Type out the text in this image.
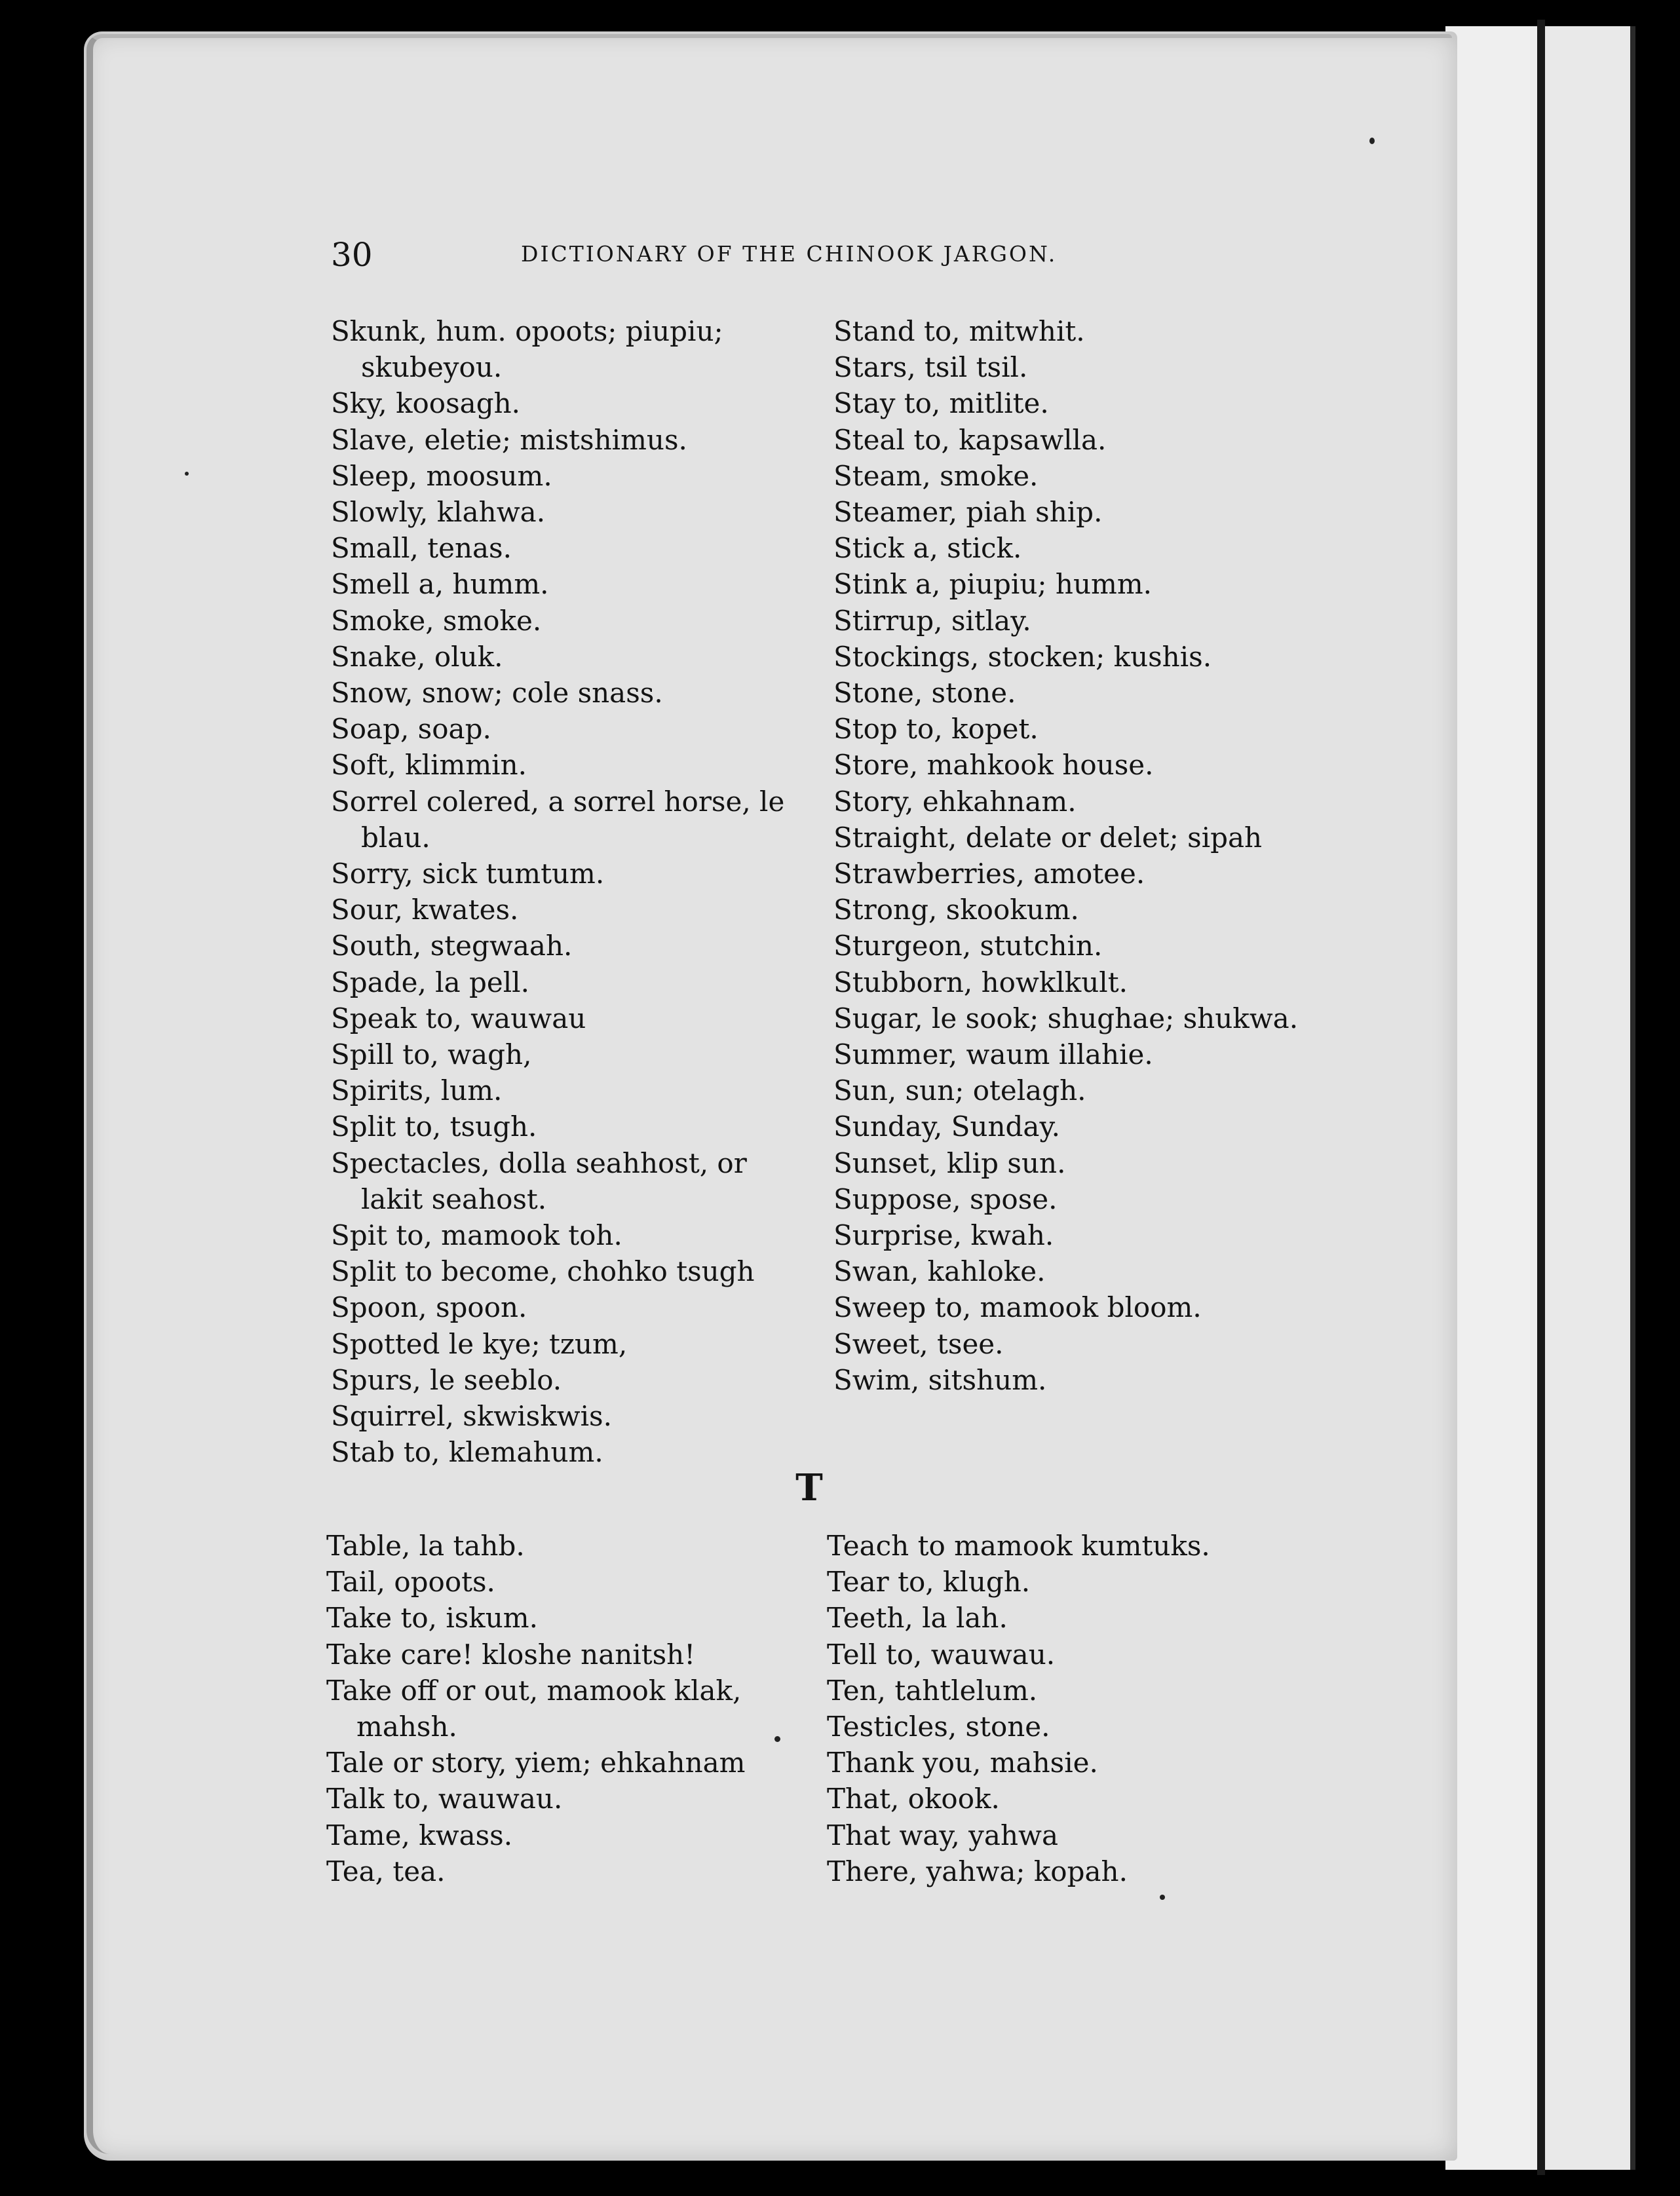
30	DICTIONARY OF THE CHINOOK JARGON.

Skunk, hum. opoots; piupiu; skubeyou.

Sky, koosagh.

Slave, eletie; mistshimus.

Sleep, moosum.

Slowly, klahwa.

Small, tenas.

Smell a, humm.

Smoke, smoke.

Snake, oluk.

Snow, snow; cole snass.

Soap, soap.

Soft, klimmin.

Sorrel colered, a sorrel horse, le blau.

Sorry, sick tumtum.

Sour, kwates.

South, stegwaah.

Spade, la pell.

Speak to, wauwau

Spill to, wagh,

Spirits, lum.

Split to, tsugh.

Spectacles, dolla seahhost, or lakit seahost.

Spit to, mamook toh.

Split to become, chohko tsugh

Spoon, spoon.

Spotted le kye; tzum,

Spurs, le seeblo.

Squirrel, skwiskwis.

Stab to, klemahum.

Stand to, mitwhit.

Stars, tsil tsil.

Stay to, mitlite.

Steal to, kapsawlla.

Steam, smoke.

Steamer, piah ship.

Stick a, stick.

Stink a, piupiu; humm.

Stirrup, sitlay.

Stockings, stocken; kushis.

Stone, stone.

Stop to, kopet.

Store, mahkook house.

Story, ehkahnam.

Straight, delate or delet; sipah

Strawberries, amotee.

Strong, skookum.

Sturgeon, stutchin.

Stubborn, howklkult.

Sugar, le sook; shughae; shukwa.

Summer, waum illahie.

Sun, sun; otelagh.

Sunday, Sunday.

Sunset, klip sun.

Suppose, spose.

Surprise, kwah.

Swan, kahloke.

Sweep to, mamook bloom.

Sweet, tsee.

Swim, sitshum.

T

Table, la tahb.

Tail, opoots.

Take to, iskum.

Take care! kloshe nanitsh!

Take off or out, mamook klak, mahsh.

Tale or story, yiem; ehkahnam

Talk to, wauwau.

Tame, kwass.

Tea, tea.

Teach to mamook kumtuks.

Tear to, klugh.

Teeth, la lah.

Tell to, wauwau.

Ten, tahtlelum.

Testicles, stone.

Thank you, mahsie.

That, okook.

That way, yahwa

There, yahwa; kopah.
